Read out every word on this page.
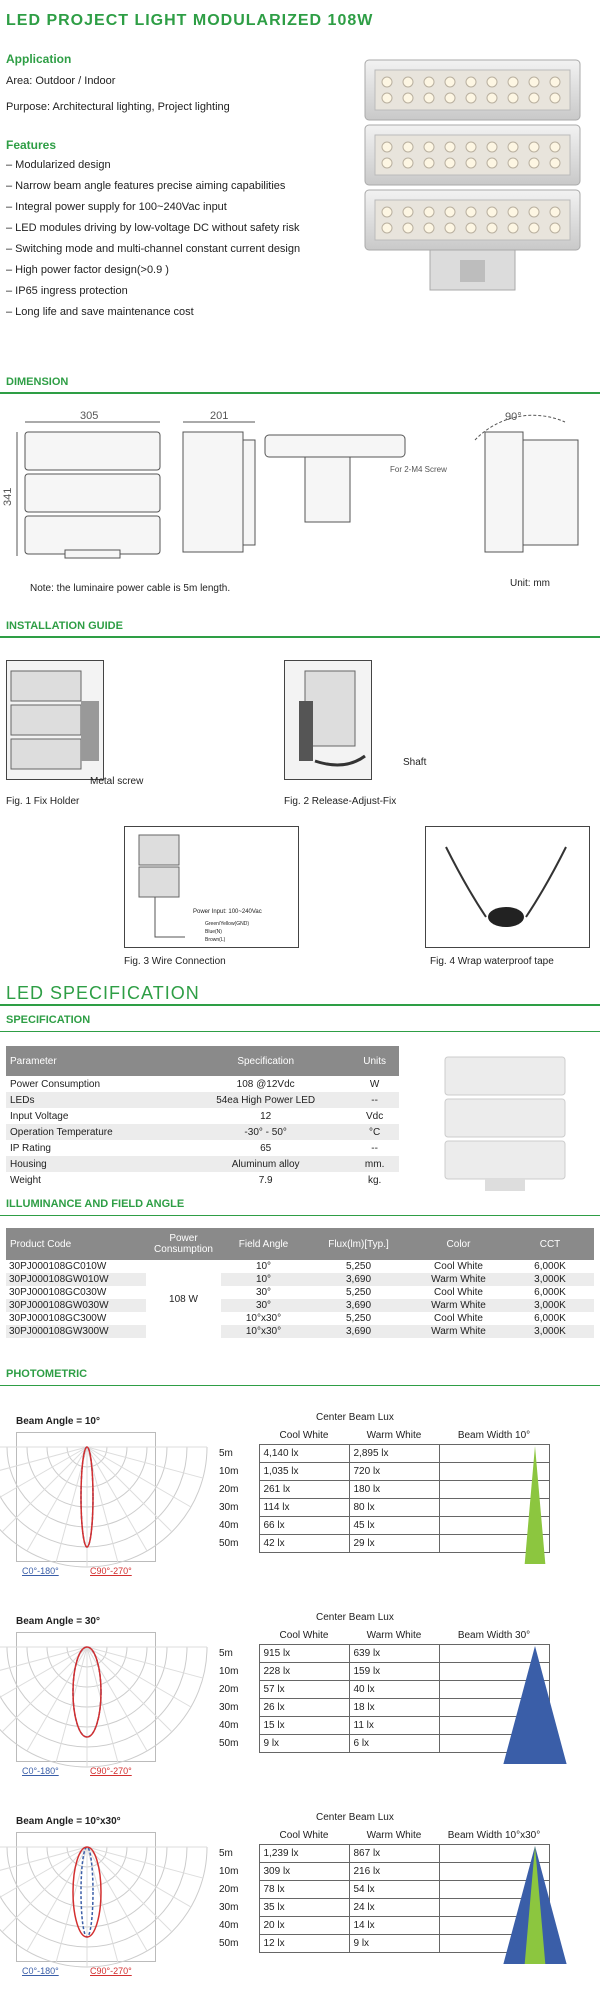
LED PROJECT LIGHT MODULARIZED 108W
Application
Area: Outdoor / Indoor
Purpose: Architectural lighting, Project lighting
Features
– Modularized design
– Narrow beam angle features precise aiming capabilities
– Integral power supply for 100~240Vac input
– LED modules driving by low-voltage DC without safety risk
– Switching mode and multi-channel constant current design
– High power factor design(>0.9 )
– IP65 ingress protection
– Long life and save maintenance cost
DIMENSION
305
341
201
For 2-M4 Screw
90°
Note: the luminaire power cable is 5m length.	Unit: mm
INSTALLATION GUIDE
Metal screw
Fig. 1 Fix Holder
Shaft
Fig. 2 Release-Adjust-Fix
Power Input: 100~240Vac
Green/Yellow(GND)
Blue(N)
Brown(L)
Fig. 3 Wire Connection	Fig. 4 Wrap waterproof tape
LED SPECIFICATION
SPECIFICATION
Parameter	Specification	Units
Power Consumption	108 @12Vdc	W
LEDs	54ea High Power LED	--
Input Voltage	12	Vdc
Operation Temperature	-30° - 50°	°C
IP Rating	65	--
Housing	Aluminum alloy	mm.
Weight	7.9	kg.
ILLUMINANCE AND FIELD ANGLE
Product Code	Power Consumption	Field Angle	Flux(lm)[Typ.]	Color	CCT
30PJ000108GC010W	108 W	10°	5,250	Cool White	6,000K
30PJ000108GW010W		10°	3,690	Warm White	3,000K
30PJ000108GC030W		30°	5,250	Cool White	6,000K
30PJ000108GW030W		30°	3,690	Warm White	3,000K
30PJ000108GC300W		10°x30°	5,250	Cool White	6,000K
30PJ000108GW300W		10°x30°	3,690	Warm White	3,000K
PHOTOMETRIC
Beam Angle = 10°
C0°-180°	C90°-270°
Center Beam Lux
	Cool White	Warm White	Beam Width 10°
5m	4,140 lx	2,895 lx	
10m	1,035 lx	720 lx	
20m	261 lx	180 lx	
30m	114 lx	80 lx	
40m	66 lx	45 lx	
50m	42 lx	29 lx	
Beam Angle = 30°
C0°-180°	C90°-270°
Center Beam Lux
	Cool White	Warm White	Beam Width 30°
5m	915 lx	639 lx	
10m	228 lx	159 lx	
20m	57 lx	40 lx	
30m	26 lx	18 lx	
40m	15 lx	11 lx	
50m	9 lx	6 lx	
Beam Angle = 10°x30°
C0°-180°	C90°-270°
Center Beam Lux
	Cool White	Warm White	Beam Width 10°x30°
5m	1,239 lx	867 lx	
10m	309 lx	216 lx	
20m	78 lx	54 lx	
30m	35 lx	24 lx	
40m	20 lx	14 lx	
50m	12 lx	9 lx	
